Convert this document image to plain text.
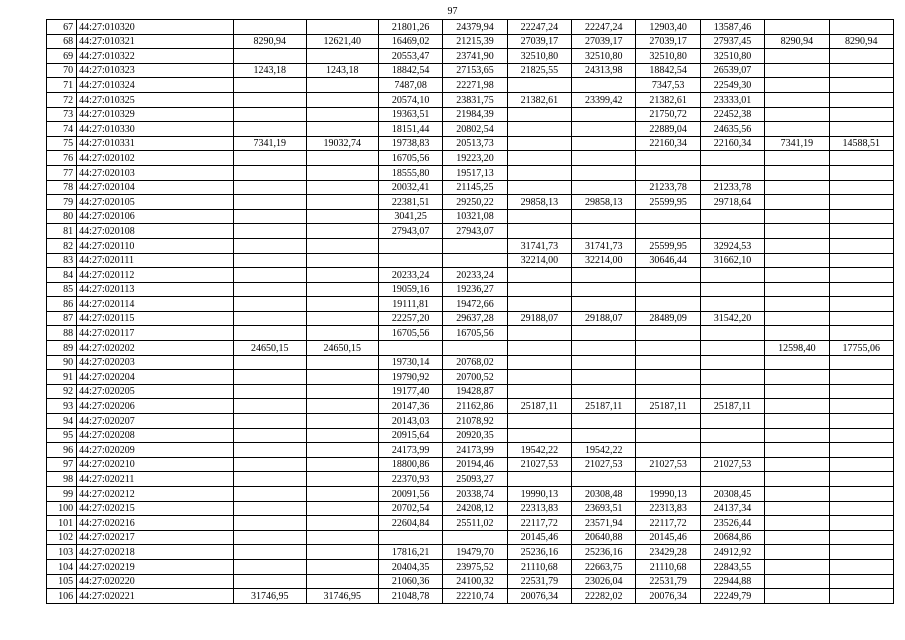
97
67	44:27:010320			21801,26	24379,94	22247,24	22247,24	12903,40	13587,46		
68	44:27:010321	8290,94	12621,40	16469,02	21215,39	27039,17	27039,17	27039,17	27937,45	8290,94	8290,94
69	44:27:010322			20553,47	23741,90	32510,80	32510,80	32510,80	32510,80		
70	44:27:010323	1243,18	1243,18	18842,54	27153,65	21825,55	24313,98	18842,54	26539,07		
71	44:27:010324			7487,08	22271,98			7347,53	22549,30		
72	44:27:010325			20574,10	23831,75	21382,61	23399,42	21382,61	23333,01		
73	44:27:010329			19363,51	21984,39			21750,72	22452,38		
74	44:27:010330			18151,44	20802,54			22889,04	24635,56		
75	44:27:010331	7341,19	19032,74	19738,83	20513,73			22160,34	22160,34	7341,19	14588,51
76	44:27:020102			16705,56	19223,20						
77	44:27:020103			18555,80	19517,13						
78	44:27:020104			20032,41	21145,25			21233,78	21233,78		
79	44:27:020105			22381,51	29250,22	29858,13	29858,13	25599,95	29718,64		
80	44:27:020106			3041,25	10321,08						
81	44:27:020108			27943,07	27943,07						
82	44:27:020110					31741,73	31741,73	25599,95	32924,53		
83	44:27:020111					32214,00	32214,00	30646,44	31662,10		
84	44:27:020112			20233,24	20233,24						
85	44:27:020113			19059,16	19236,27						
86	44:27:020114			19111,81	19472,66						
87	44:27:020115			22257,20	29637,28	29188,07	29188,07	28489,09	31542,20		
88	44:27:020117			16705,56	16705,56						
89	44:27:020202	24650,15	24650,15							12598,40	17755,06
90	44:27:020203			19730,14	20768,02						
91	44:27:020204			19790,92	20700,52						
92	44:27:020205			19177,40	19428,87						
93	44:27:020206			20147,36	21162,86	25187,11	25187,11	25187,11	25187,11		
94	44:27:020207			20143,03	21078,92						
95	44:27:020208			20915,64	20920,35						
96	44:27:020209			24173,99	24173,99	19542,22	19542,22				
97	44:27:020210			18800,86	20194,46	21027,53	21027,53	21027,53	21027,53		
98	44:27:020211			22370,93	25093,27						
99	44:27:020212			20091,56	20338,74	19990,13	20308,48	19990,13	20308,45		
100	44:27:020215			20702,54	24208,12	22313,83	23693,51	22313,83	24137,34		
101	44:27:020216			22604,84	25511,02	22117,72	23571,94	22117,72	23526,44		
102	44:27:020217					20145,46	20640,88	20145,46	20684,86		
103	44:27:020218			17816,21	19479,70	25236,16	25236,16	23429,28	24912,92		
104	44:27:020219			20404,35	23975,52	21110,68	22663,75	21110,68	22843,55		
105	44:27:020220			21060,36	24100,32	22531,79	23026,04	22531,79	22944,88		
106	44:27:020221	31746,95	31746,95	21048,78	22210,74	20076,34	22282,02	20076,34	22249,79		
